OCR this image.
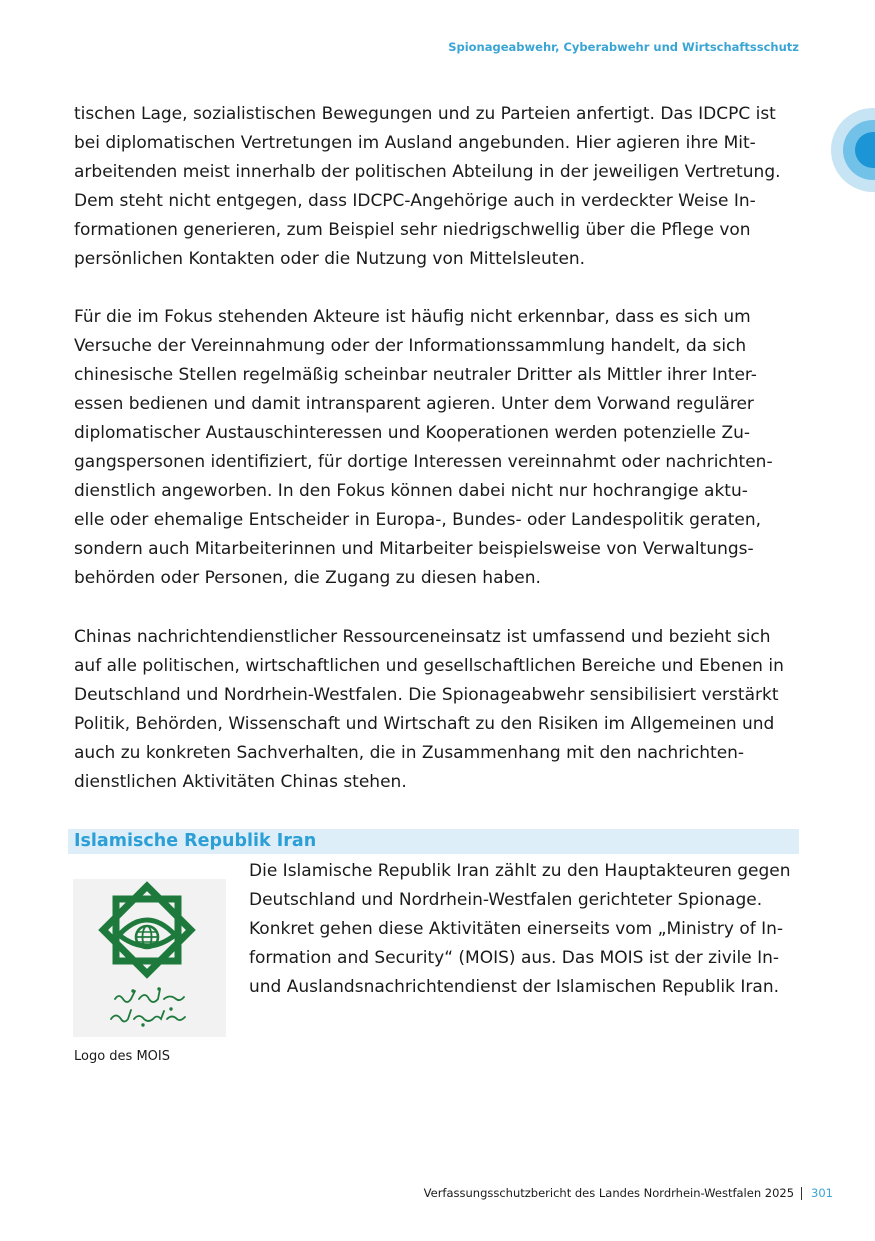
Spionageabwehr, Cyberabwehr und Wirtschaftsschutz
tischen Lage, sozialistischen Bewegungen und zu Parteien anfertigt. Das IDCPC ist
bei diplomatischen Vertretungen im Ausland angebunden. Hier agieren ihre Mit-
arbeitenden meist innerhalb der politischen Abteilung in der jeweiligen Vertretung.
Dem steht nicht entgegen, dass IDCPC-Angehörige auch in verdeckter Weise In-
formationen generieren, zum Beispiel sehr niedrigschwellig über die Pflege von
persönlichen Kontakten oder die Nutzung von Mittelsleuten.
Für die im Fokus stehenden Akteure ist häufig nicht erkennbar, dass es sich um
Versuche der Vereinnahmung oder der Informationssammlung handelt, da sich
chinesische Stellen regelmäßig scheinbar neutraler Dritter als Mittler ihrer Inter-
essen bedienen und damit intransparent agieren. Unter dem Vorwand regulärer
diplomatischer Austauschinteressen und Kooperationen werden potenzielle Zu-
gangspersonen identifiziert, für dortige Interessen vereinnahmt oder nachrichten-
dienstlich angeworben. In den Fokus können dabei nicht nur hochrangige aktu-
elle oder ehemalige Entscheider in Europa-, Bundes- oder Landespolitik geraten,
sondern auch Mitarbeiterinnen und Mitarbeiter beispielsweise von Verwaltungs-
behörden oder Personen, die Zugang zu diesen haben.
Chinas nachrichtendienstlicher Ressourceneinsatz ist umfassend und bezieht sich
auf alle politischen, wirtschaftlichen und gesellschaftlichen Bereiche und Ebenen in
Deutschland und Nordrhein-Westfalen. Die Spionageabwehr sensibilisiert verstärkt
Politik, Behörden, Wissenschaft und Wirtschaft zu den Risiken im Allgemeinen und
auch zu konkreten Sachverhalten, die in Zusammenhang mit den nachrichten-
dienstlichen Aktivitäten Chinas stehen.
Islamische Republik Iran
Die Islamische Republik Iran zählt zu den Hauptakteuren gegen
Deutschland und Nordrhein-Westfalen gerichteter Spionage.
Konkret gehen diese Aktivitäten einerseits vom „Ministry of In-
formation and Security“ (MOIS) aus. Das MOIS ist der zivile In-
und Auslandsnachrichtendienst der Islamischen Republik Iran.
Logo des MOIS
Verfassungsschutzbericht des Landes Nordrhein-Westfalen 2025 301
